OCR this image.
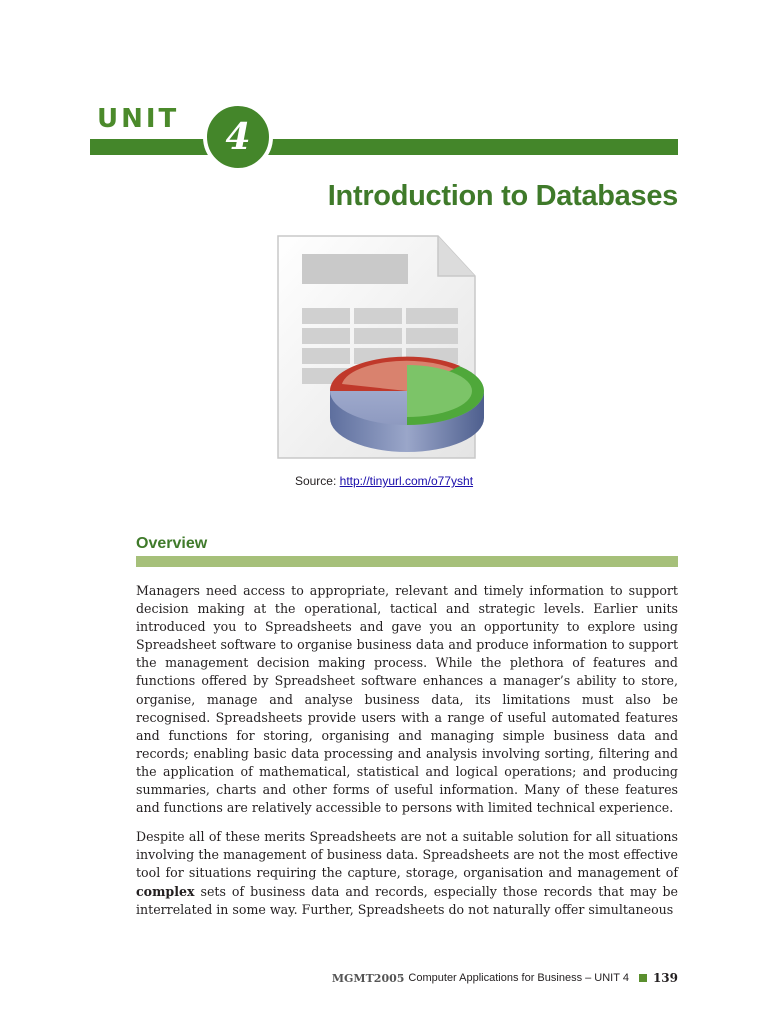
UNIT 4
Introduction to Databases
Source: http://tinyurl.com/o77ysht
Overview

Managers need access to appropriate, relevant and timely information to support decision making at the operational, tactical and strategic levels. Earlier units introduced you to Spreadsheets and gave you an opportunity to explore using Spreadsheet software to organise business data and produce information to support the management decision making process. While the plethora of features and functions offered by Spreadsheet software enhances a manager’s ability to store, organise, manage and analyse business data, its limitations must also be recognised. Spreadsheets provide users with a range of useful automated features and functions for storing, organising and managing simple business data and records; enabling basic data processing and analysis involving sorting, filtering and the application of mathematical, statistical and logical operations; and producing summaries, charts and other forms of useful information. Many of these features and functions are relatively accessible to persons with limited technical experience.

Despite all of these merits Spreadsheets are not a suitable solution for all situations involving the management of business data. Spreadsheets are not the most effective tool for situations requiring the capture, storage, organisation and management of complex sets of business data and records, especially those records that may be interrelated in some way. Further, Spreadsheets do not naturally offer simultaneous

MGMT2005 Computer Applications for Business – UNIT 4 139
